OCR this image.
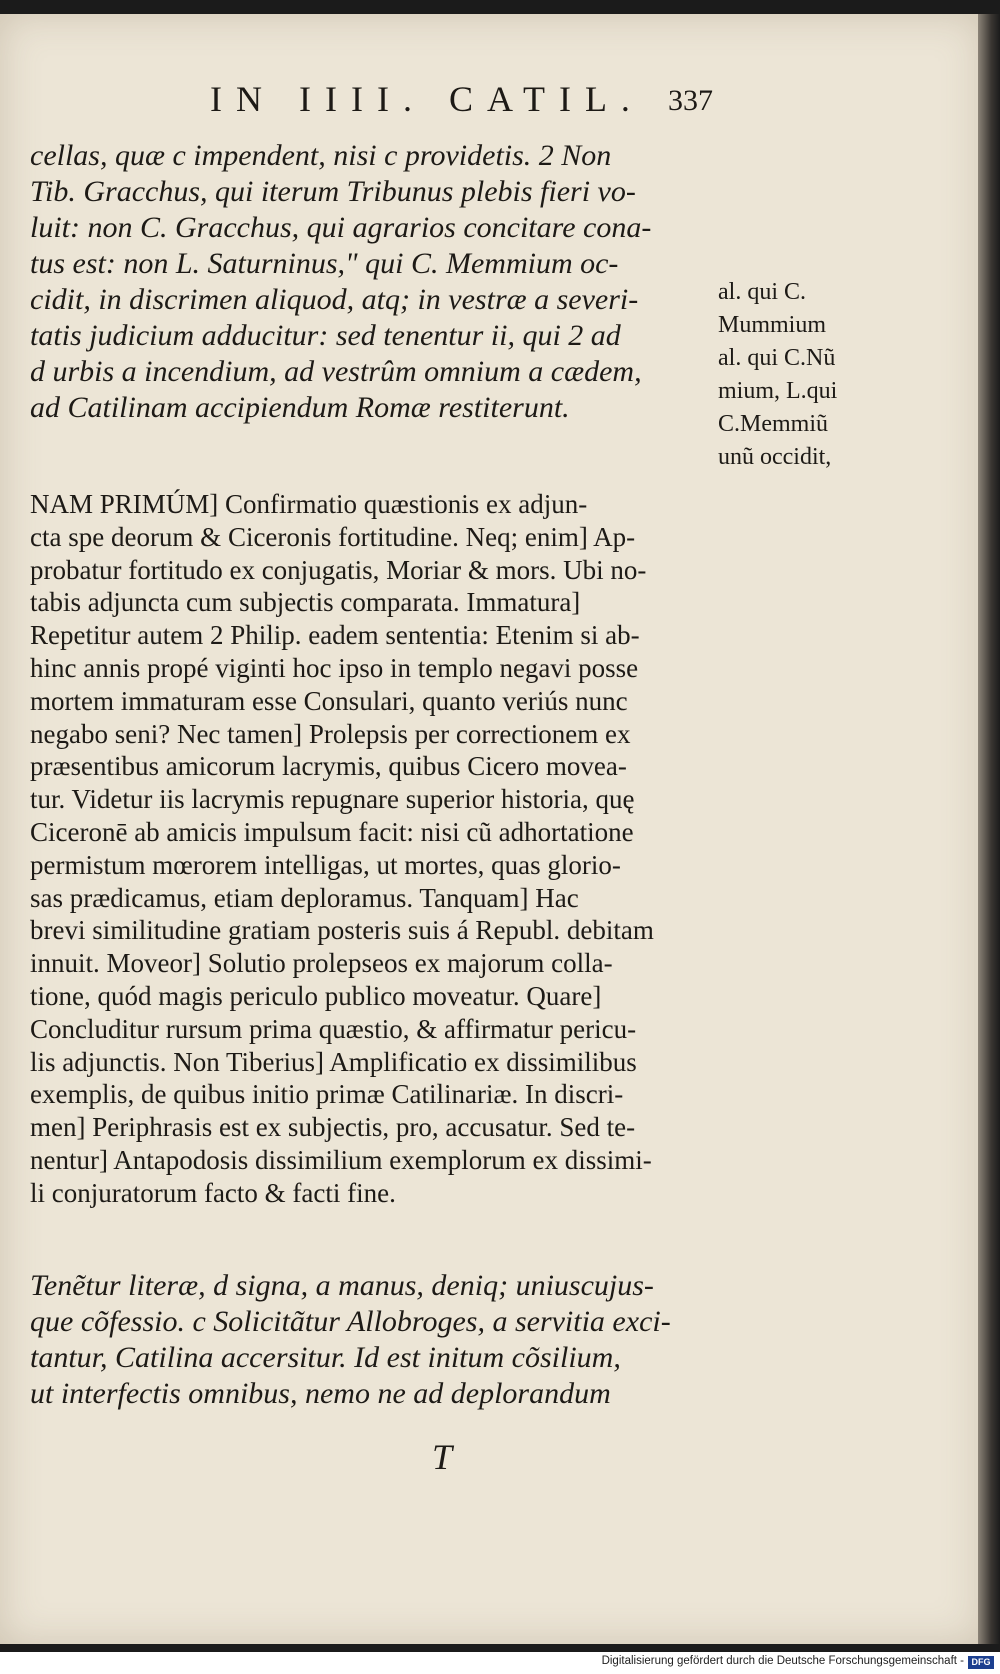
IN IIII. CATIL. 337
cellas, quæ c impendent, nisi c providetis. 2 Non
Tib. Gracchus, qui iterum Tribunus plebis fieri vo-
luit: non C. Gracchus, qui agrarios concitare cona-
tus est: non L. Saturninus," qui C. Memmium oc-
cidit, in discrimen aliquod, atq; in vestræ a severi-
tatis judicium adducitur: sed tenentur ii, qui 2 ad
d urbis a incendium, ad vestrûm omnium a cædem,
ad Catilinam accipiendum Romæ restiterunt.
al. qui C.
Mummium
al. qui C.Nũ
mium, L.qui
C.Memmiũ
unũ occidit,
NAM PRIMÚM] Confirmatio quæstionis ex adjun-
cta spe deorum & Ciceronis fortitudine. Neq; enim] Ap-
probatur fortitudo ex conjugatis, Moriar & mors. Ubi no-
tabis adjuncta cum subjectis comparata. Immatura]
Repetitur autem 2 Philip. eadem sententia: Etenim si ab-
hinc annis propé viginti hoc ipso in templo negavi posse
mortem immaturam esse Consulari, quanto veriús nunc
negabo seni? Nec tamen] Prolepsis per correctionem ex
præsentibus amicorum lacrymis, quibus Cicero movea-
tur. Videtur iis lacrymis repugnare superior historia, quę
Ciceronē ab amicis impulsum facit: nisi cũ adhortatione
permistum mœrorem intelligas, ut mortes, quas glorio-
sas prædicamus, etiam deploramus. Tanquam] Hac
brevi similitudine gratiam posteris suis á Republ. debitam
innuit. Moveor] Solutio prolepseos ex majorum colla-
tione, quód magis periculo publico moveatur. Quare]
Concluditur rursum prima quæstio, & affirmatur pericu-
lis adjunctis. Non Tiberius] Amplificatio ex dissimilibus
exemplis, de quibus initio primæ Catilinariæ. In discri-
men] Periphrasis est ex subjectis, pro, accusatur. Sed te-
nentur] Antapodosis dissimilium exemplorum ex dissimi-
li conjuratorum facto & facti fine.
Tenẽtur literæ, d signa, a manus, deniq; uniuscujus-
que cõfessio. c Solicitãtur Allobroges, a servitia exci-
tantur, Catilina accersitur. Id est initum cõsilium,
ut interfectis omnibus, nemo ne ad deplorandum
T
Digitalisierung gefördert durch die Deutsche Forschungsgemeinschaft - DFG
